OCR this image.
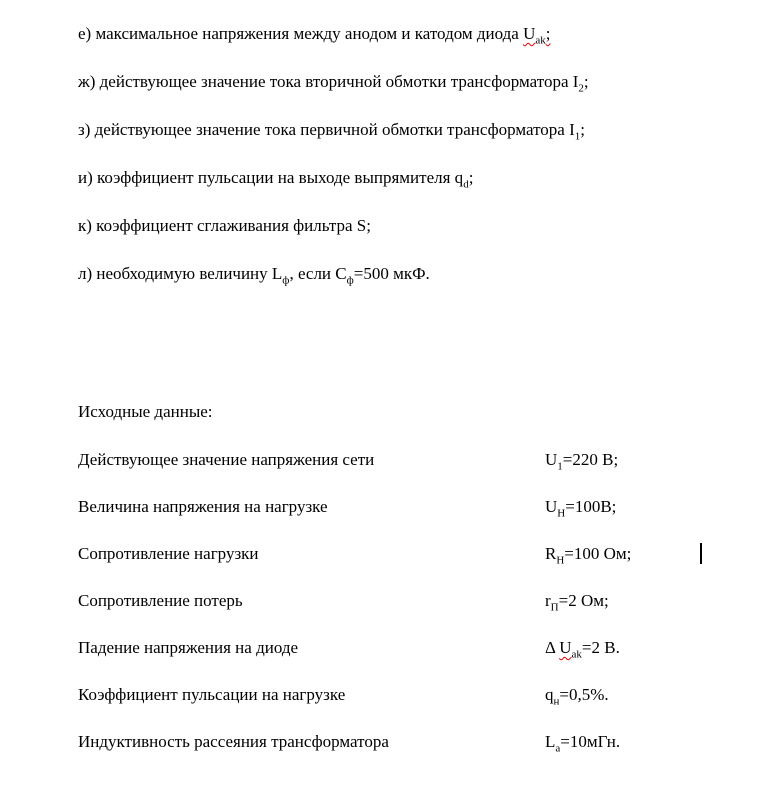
е) максимальное напряжения между анодом и катодом диода $U_{ak}$;

ж) действующее значение тока вторичной обмотки трансформатора $I_2$;

з) действующее значение тока первичной обмотки трансформатора $I_1$;

и) коэффициент пульсации на выходе выпрямителя $q_d$;

к) коэффициент сглаживания фильтра S;

л) необходимую величину $L_ф$, если $С_ф=500$ мкФ.

Исходные данные:

Действующее значение напряжения сети	$U_1=220$ В;
Величина напряжения на нагрузке	$U_Н=100В$;
Сопротивление нагрузки	$R_Н=100$ Ом;
Сопротивление потерь	$r_П=2$ Ом;
Падение напряжения на диоде	Δ $U_{ak}=2$ В.
Коэффициент пульсации на нагрузке	$q_н=0,5\%$.
Индуктивность рассеяния трансформатора	$L_а=10мГн$.
